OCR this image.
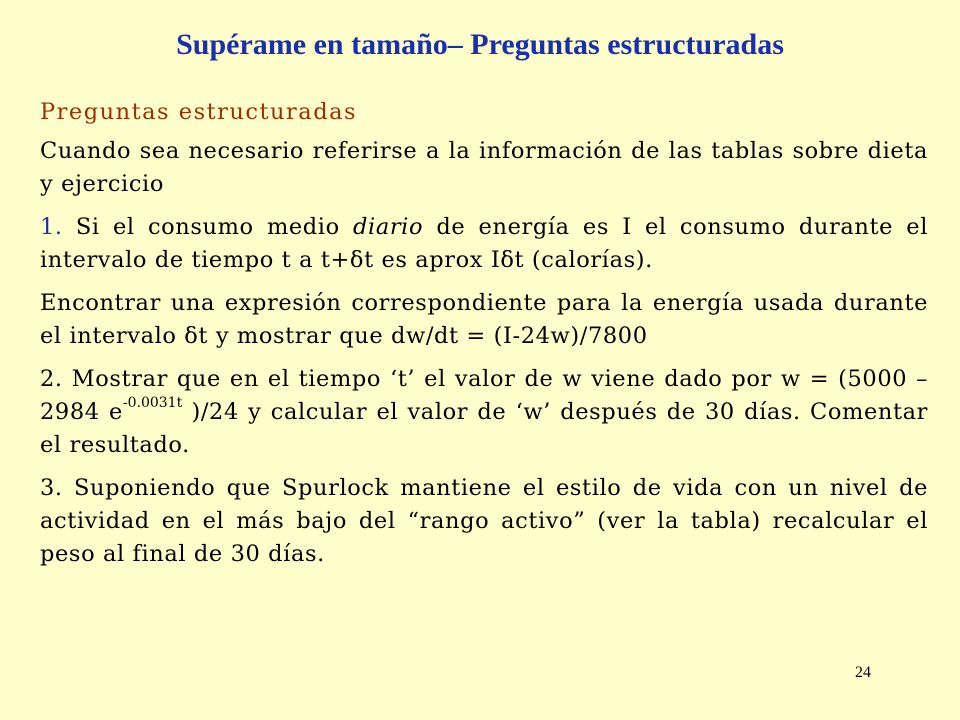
Supérame en tamaño– Preguntas estructuradas
Preguntas estructuradas
Cuando sea necesario referirse a la información de las tablas sobre dieta y ejercicio
1. Si el consumo medio diario de energía es I el consumo durante el intervalo de tiempo t a t+δt es aprox Iδt (calorías).
Encontrar una expresión correspondiente para la energía usada durante el intervalo δt y mostrar que dw/dt = (I-24w)/7800
2. Mostrar que en el tiempo ‘t’ el valor de w viene dado por w = (5000 – 2984 $e^{-0.0031t}$ )/24 y calcular el valor de ‘w’ después de 30 días. Comentar el resultado.
3. Suponiendo que Spurlock mantiene el estilo de vida con un nivel de actividad en el más bajo del “rango activo” (ver la tabla) recalcular el peso al final de 30 días.
24
